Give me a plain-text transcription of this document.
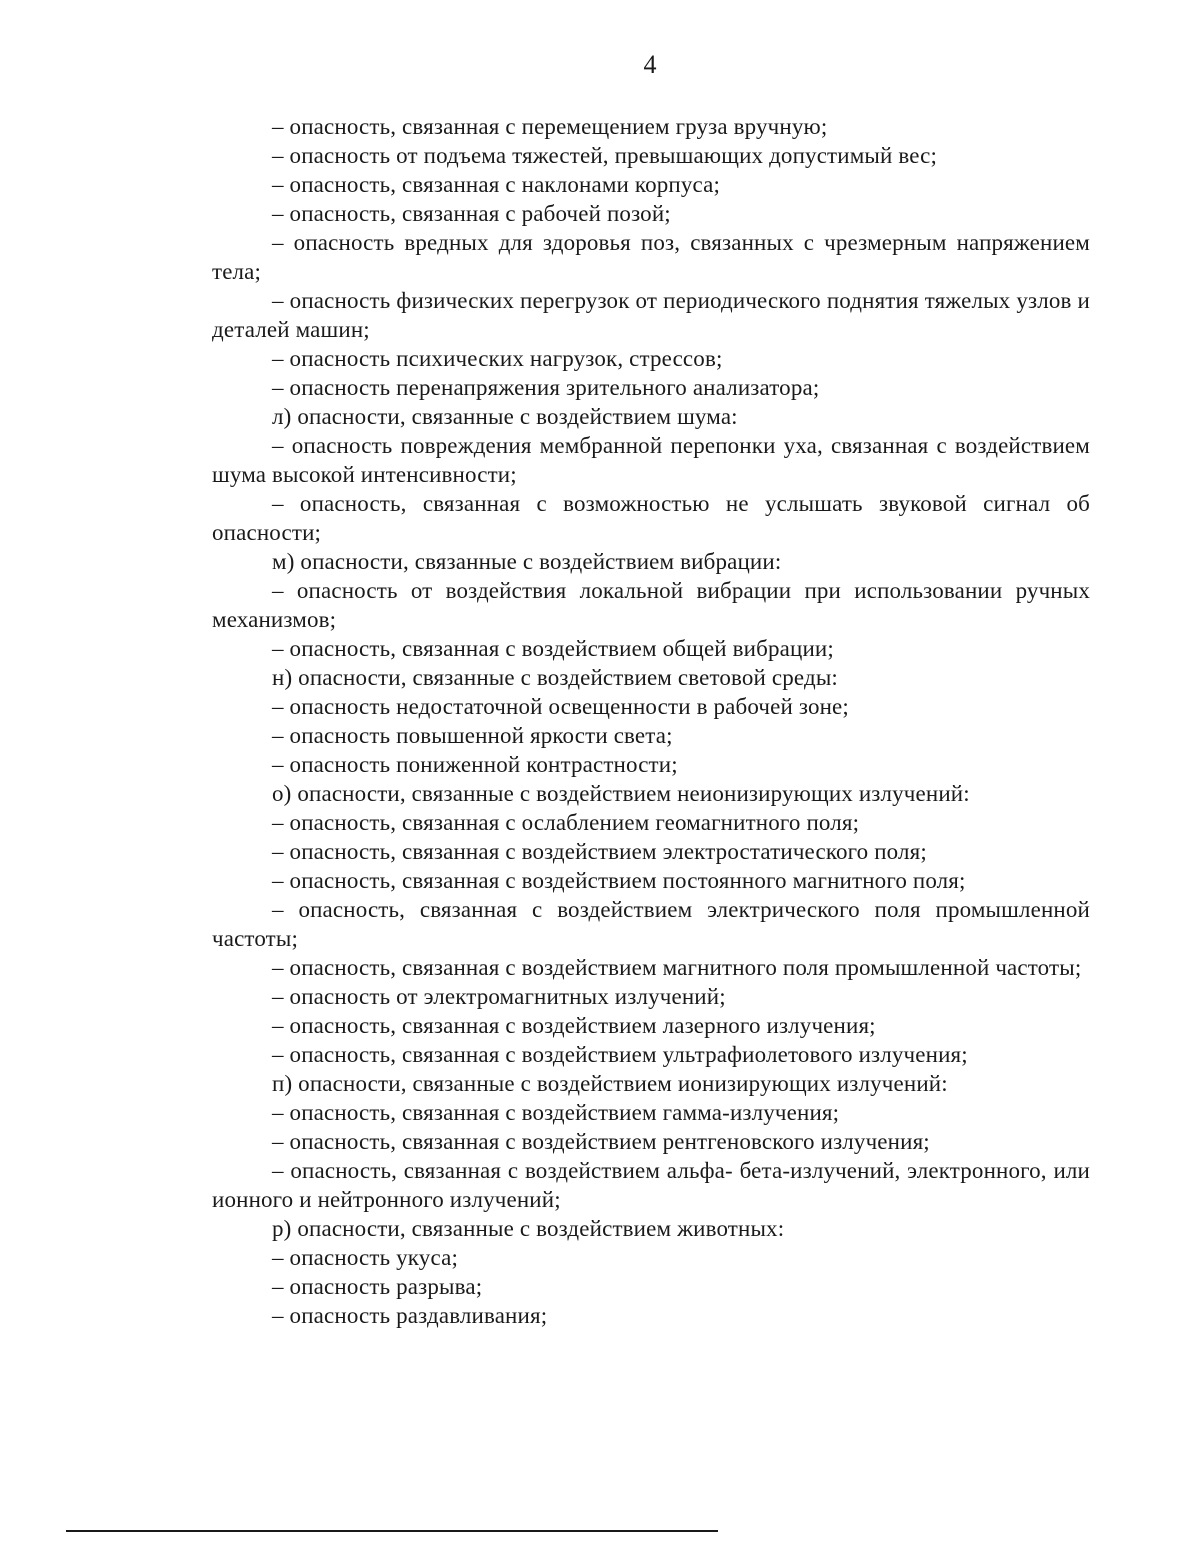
4

– опасность, связанная с перемещением груза вручную;

– опасность от подъема тяжестей, превышающих допустимый вес;

– опасность, связанная с наклонами корпуса;

– опасность, связанная с рабочей позой;

– опасность вредных для здоровья поз, связанных с чрезмерным напряжением тела;

– опасность физических перегрузок от периодического поднятия тяжелых узлов и деталей машин;

– опасность психических нагрузок, стрессов;

– опасность перенапряжения зрительного анализатора;

л) опасности, связанные с воздействием шума:

– опасность повреждения мембранной перепонки уха, связанная с воздействием шума высокой интенсивности;

– опасность, связанная с возможностью не услышать звуковой сигнал об опасности;

м) опасности, связанные с воздействием вибрации:

– опасность от воздействия локальной вибрации при использовании ручных механизмов;

– опасность, связанная с воздействием общей вибрации;

н) опасности, связанные с воздействием световой среды:

– опасность недостаточной освещенности в рабочей зоне;

– опасность повышенной яркости света;

– опасность пониженной контрастности;

о) опасности, связанные с воздействием неионизирующих излучений:

– опасность, связанная с ослаблением геомагнитного поля;

– опасность, связанная с воздействием электростатического поля;

– опасность, связанная с воздействием постоянного магнитного поля;

– опасность, связанная с воздействием электрического поля промышленной частоты;

– опасность, связанная с воздействием магнитного поля промышленной частоты;

– опасность от электромагнитных излучений;

– опасность, связанная с воздействием лазерного излучения;

– опасность, связанная с воздействием ультрафиолетового излучения;

п) опасности, связанные с воздействием ионизирующих излучений:

– опасность, связанная с воздействием гамма-излучения;

– опасность, связанная с воздействием рентгеновского излучения;

– опасность, связанная с воздействием альфа- бета-излучений, электронного, или ионного и нейтронного излучений;

р) опасности, связанные с воздействием животных:

– опасность укуса;

– опасность разрыва;

– опасность раздавливания;
